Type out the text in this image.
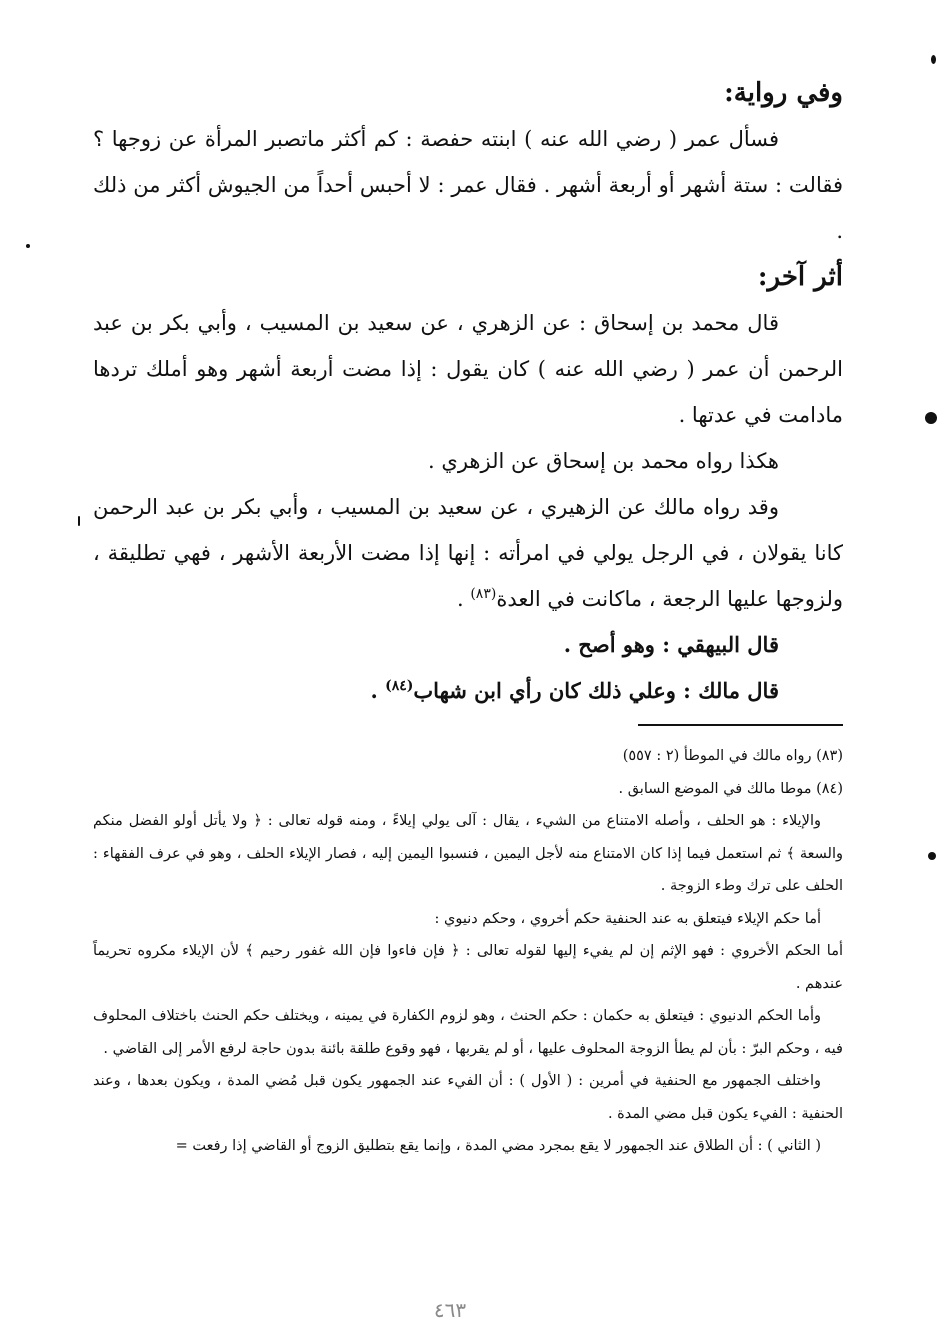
وفي رواية:

فسأل عمر ( رضي الله عنه ) ابنته حفصة : كم أكثر ماتصبر المرأة عن زوجها ؟ فقالت : ستة أشهر أو أربعة أشهر . فقال عمر : لا أحبس أحداً من الجيوش أكثر من ذلك .

أثر آخر:

قال محمد بن إسحاق : عن الزهري ، عن سعيد بن المسيب ، وأبي بكر بن عبد الرحمن أن عمر ( رضي الله عنه ) كان يقول : إذا مضت أربعة أشهر وهو أملك تردها مادامت في عدتها .

هكذا رواه محمد بن إسحاق عن الزهري .

وقد رواه مالك عن الزهيري ، عن سعيد بن المسيب ، وأبي بكر بن عبد الرحمن كانا يقولان ، في الرجل يولي في امرأته : إنها إذا مضت الأربعة الأشهر ، فهي تطليقة ، ولزوجها عليها الرجعة ، ماكانت في العدة$^{(٨٣)}$ .

قال البيهقي : وهو أصح .

قال مالك : وعلي ذلك كان رأي ابن شهاب$^{(٨٤)}$ .

(٨٣) رواه مالك في الموطأ (٢ : ٥٥٧)

(٨٤) موطا مالك في الموضع السابق .

والإيلاء : هو الحلف ، وأصله الامتناع من الشيء ، يقال : آلى يولي إيلاءً ، ومنه قوله تعالى : ﴿ ولا يأتل أولو الفضل منكم والسعة ﴾ ثم استعمل فيما إذا كان الامتناع منه لأجل اليمين ، فنسبوا اليمين إليه ، فصار الإيلاء الحلف ، وهو في عرف الفقهاء : الحلف على ترك وطء الزوجة .

أما حكم الإيلاء فيتعلق به عند الحنفية حكم أخروي ، وحكم دنيوي :

أما الحكم الأخروي : فهو الإثم إن لم يفيء إليها لقوله تعالى : ﴿ فإن فاءوا فإن الله غفور رحيم ﴾ لأن الإيلاء مكروه تحريماً عندهم .

وأما الحكم الدنيوي : فيتعلق به حكمان : حكم الحنث ، وهو لزوم الكفارة في يمينه ، ويختلف حكم الحنث باختلاف المحلوف فيه ، وحكم البرّ : بأن لم يطأ الزوجة المحلوف عليها ، أو لم يقربها ، فهو وقوع طلقة بائنة بدون حاجة لرفع الأمر إلى القاضي .

واختلف الجمهور مع الحنفية في أمرين : ( الأول ) : أن الفيء عند الجمهور يكون قبل مُضي المدة ، ويكون بعدها ، وعند الحنفية : الفيء يكون قبل مضي المدة .

( الثاني ) : أن الطلاق عند الجمهور لا يقع بمجرد مضي المدة ، وإنما يقع بتطليق الزوج أو القاضي إذا رفعت =

٤٦٣
